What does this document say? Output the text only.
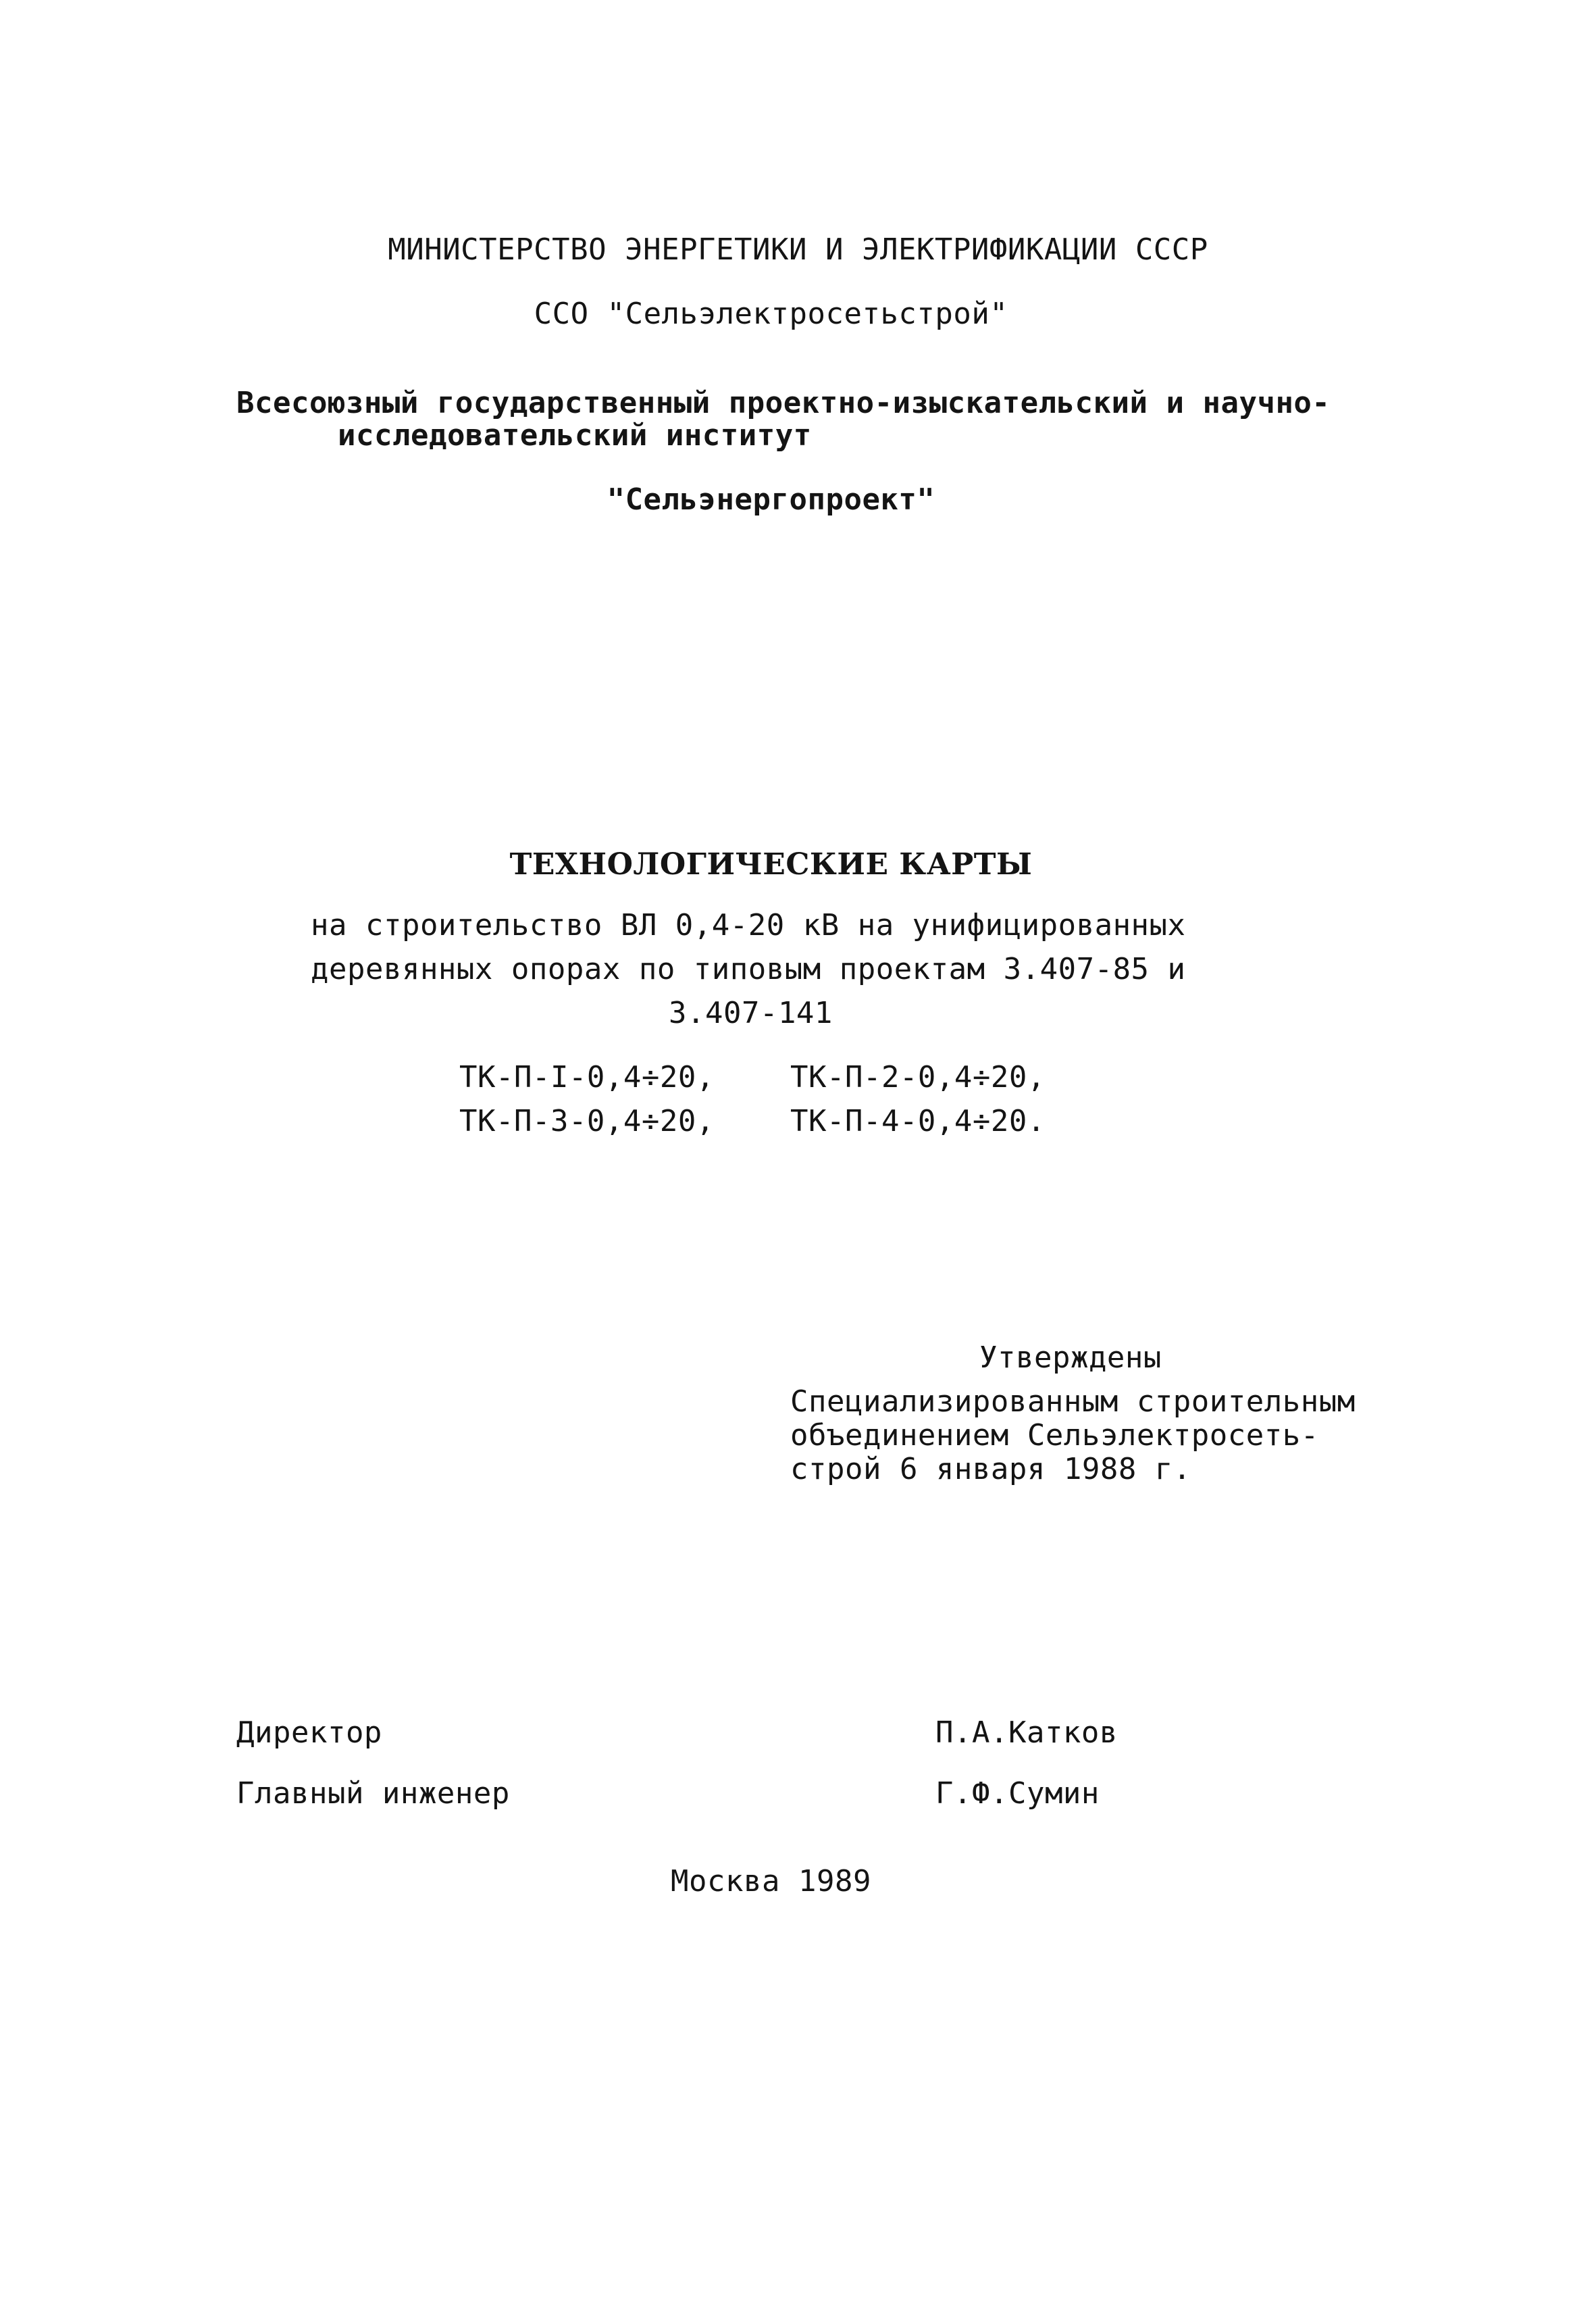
МИНИСТЕРСТВО ЭНЕРГЕТИКИ И ЭЛЕКТРИФИКАЦИИ СССР
ССО "Сельэлектросетьстрой"
Всесоюзный государственный проектно-изыскательский и научно-
исследовательский институт
"Сельэнергопроект"
ТЕХНОЛОГИЧЕСКИЕ КАРТЫ
на строительство ВЛ 0,4-20 кВ на унифицированных
деревянных опорах по типовым проектам 3.407-85 и
3.407-141
ТК-П-I-0,4÷20,	ТК-П-2-0,4÷20,
ТК-П-3-0,4÷20,	ТК-П-4-0,4÷20.
Утверждены
Специализированным строительным
объединением Сельэлектросеть-
строй 6 января 1988 г.
Директор	П.А.Катков
Главный инженер	Г.Ф.Сумин
Москва 1989
